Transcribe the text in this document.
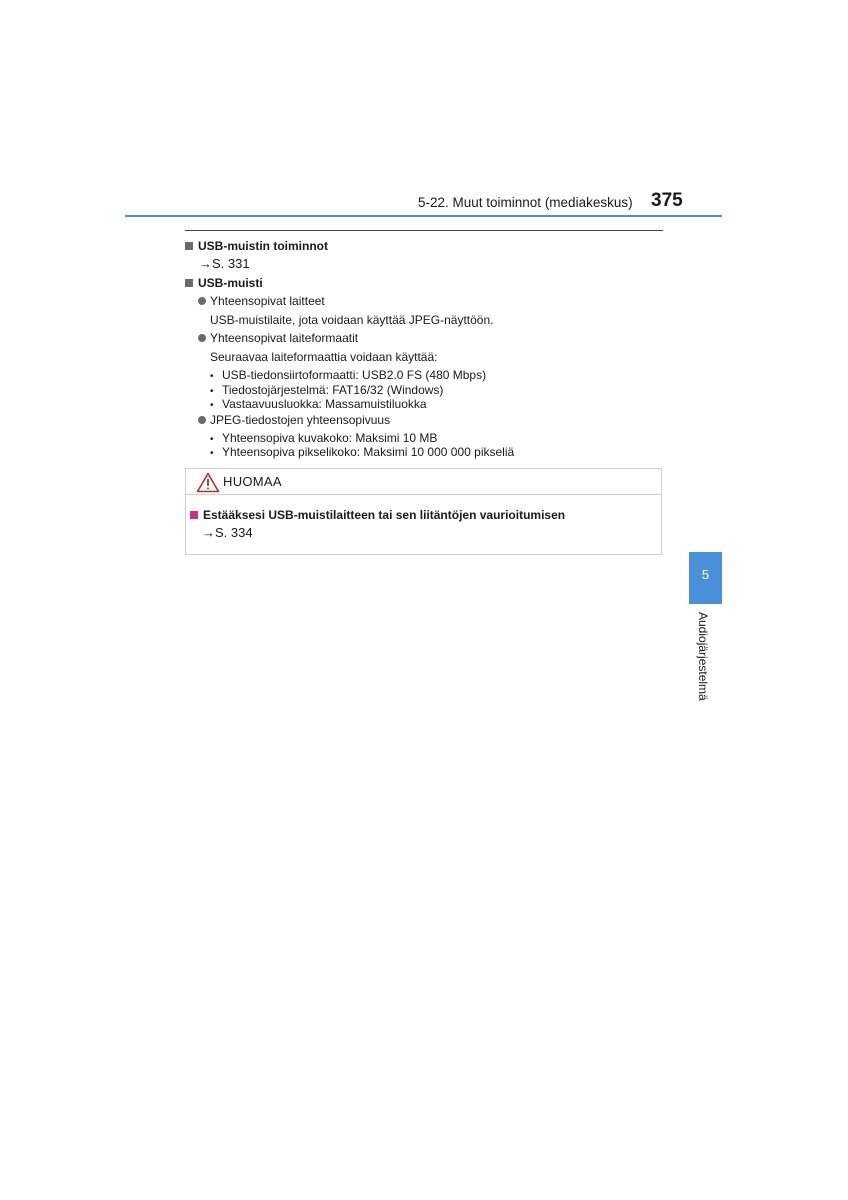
5-22. Muut toiminnot (mediakeskus) 375
USB-muistin toiminnot
→S. 331
USB-muisti
Yhteensopivat laitteet
USB-muistilaite, jota voidaan käyttää JPEG-näyttöön.
Yhteensopivat laiteformaatit
Seuraavaa laiteformaattia voidaan käyttää:
• USB-tiedonsiirtoformaatti: USB2.0 FS (480 Mbps)
• Tiedostojärjestelmä: FAT16/32 (Windows)
• Vastaavuusluokka: Massamuistiluokka
JPEG-tiedostojen yhteensopivuus
• Yhteensopiva kuvakoko: Maksimi 10 MB
• Yhteensopiva pikselikoko: Maksimi 10 000 000 pikseliä
HUOMAA
Estääksesi USB-muistilaitteen tai sen liitäntöjen vaurioitumisen
→S. 334
5
Audiojärjestelmä
